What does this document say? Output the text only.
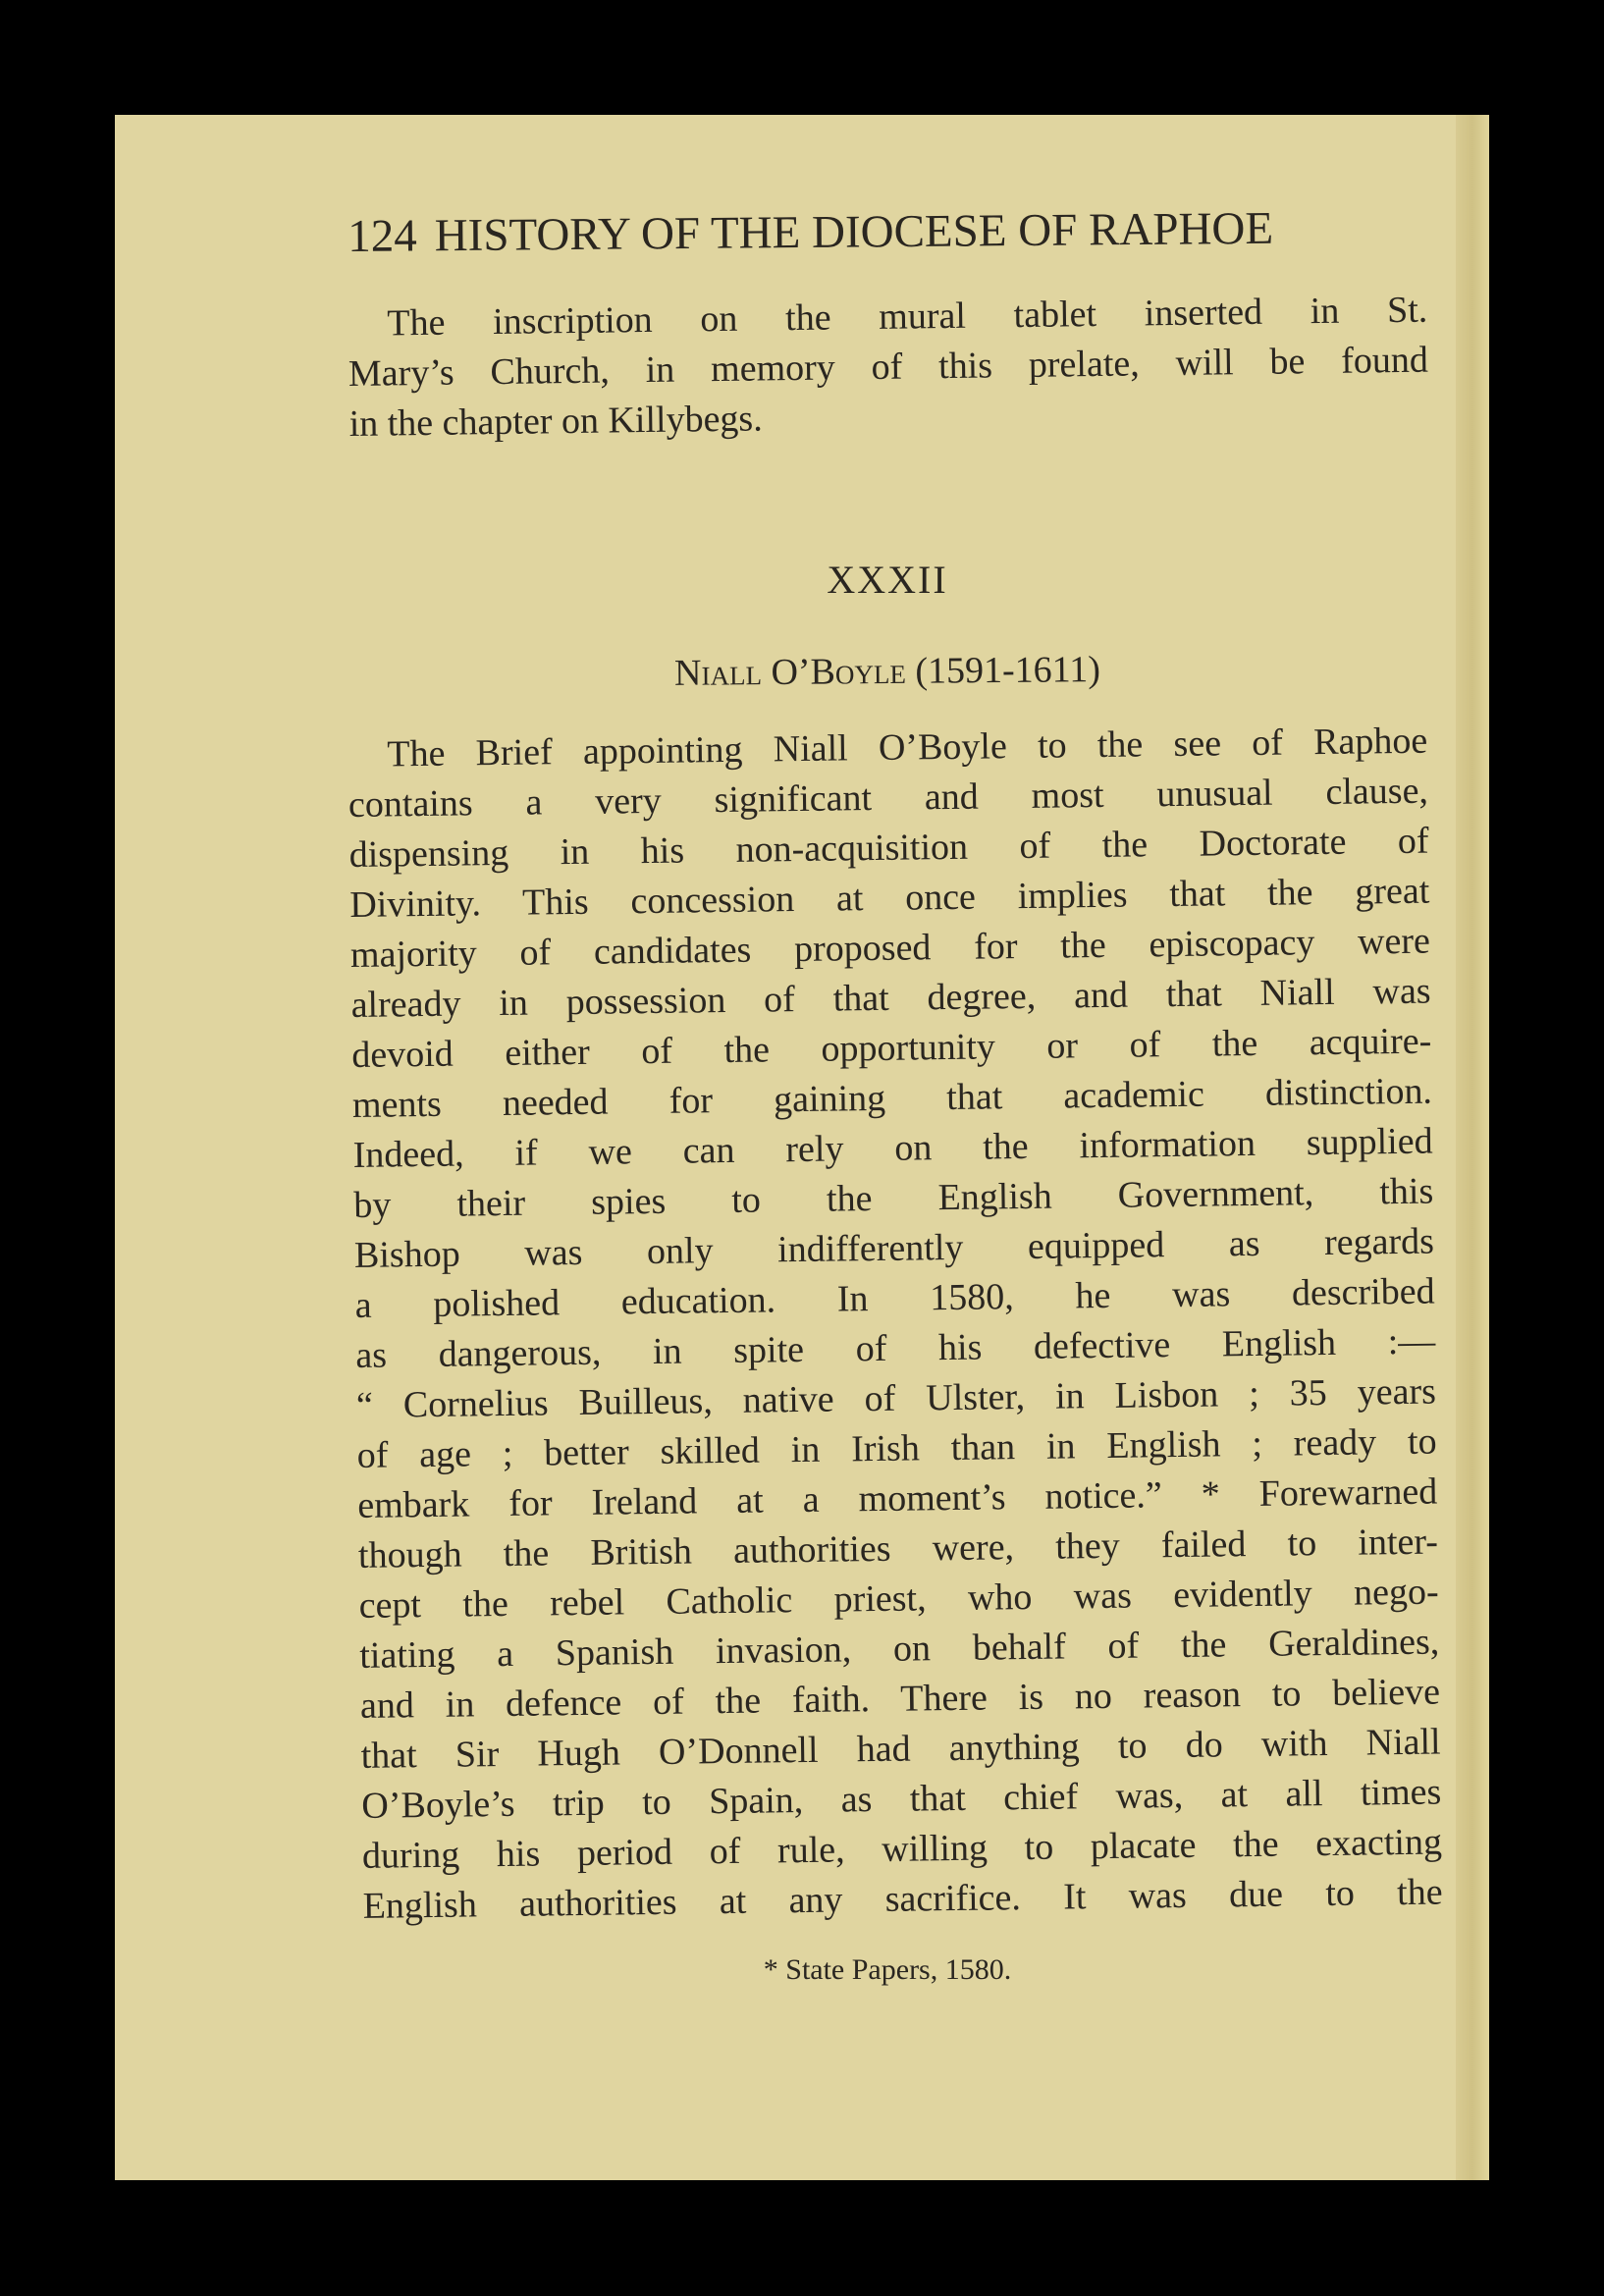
124 HISTORY OF THE DIOCESE OF RAPHOE
The inscription on the mural tablet inserted in St.
Mary’s Church, in memory of this prelate, will be found
in the chapter on Killybegs.
XXXII
Niall O’Boyle (1591-1611)
The Brief appointing Niall O’Boyle to the see of Raphoe
contains a very significant and most unusual clause,
dispensing in his non-acquisition of the Doctorate of
Divinity. This concession at once implies that the great
majority of candidates proposed for the episcopacy were
already in possession of that degree, and that Niall was
devoid either of the opportunity or of the acquire-
ments needed for gaining that academic distinction.
Indeed, if we can rely on the information supplied
by their spies to the English Government, this
Bishop was only indifferently equipped as regards
a polished education. In 1580, he was described
as dangerous, in spite of his defective English :—
“ Cornelius Builleus, native of Ulster, in Lisbon ; 35 years
of age ; better skilled in Irish than in English ; ready to
embark for Ireland at a moment’s notice.” * Forewarned
though the British authorities were, they failed to inter-
cept the rebel Catholic priest, who was evidently nego-
tiating a Spanish invasion, on behalf of the Geraldines,
and in defence of the faith. There is no reason to believe
that Sir Hugh O’Donnell had anything to do with Niall
O’Boyle’s trip to Spain, as that chief was, at all times
during his period of rule, willing to placate the exacting
English authorities at any sacrifice. It was due to the
* State Papers, 1580.
